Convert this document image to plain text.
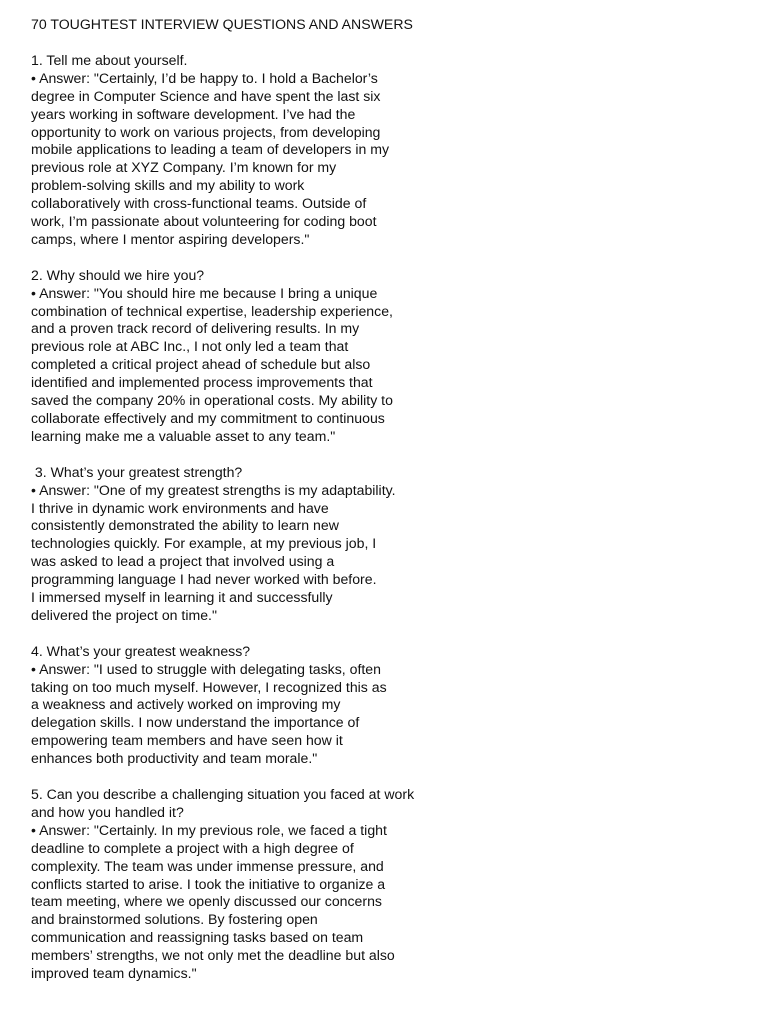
70 TOUGHTEST INTERVIEW QUESTIONS AND ANSWERS
1. Tell me about yourself.
• Answer: "Certainly, I’d be happy to. I hold a Bachelor’s
degree in Computer Science and have spent the last six
years working in software development. I’ve had the
opportunity to work on various projects, from developing
mobile applications to leading a team of developers in my
previous role at XYZ Company. I’m known for my
problem-solving skills and my ability to work
collaboratively with cross-functional teams. Outside of
work, I’m passionate about volunteering for coding boot
camps, where I mentor aspiring developers."
2. Why should we hire you?
• Answer: "You should hire me because I bring a unique
combination of technical expertise, leadership experience,
and a proven track record of delivering results. In my
previous role at ABC Inc., I not only led a team that
completed a critical project ahead of schedule but also
identified and implemented process improvements that
saved the company 20% in operational costs. My ability to
collaborate effectively and my commitment to continuous
learning make me a valuable asset to any team."
3. What’s your greatest strength?
• Answer: "One of my greatest strengths is my adaptability.
I thrive in dynamic work environments and have
consistently demonstrated the ability to learn new
technologies quickly. For example, at my previous job, I
was asked to lead a project that involved using a
programming language I had never worked with before.
I immersed myself in learning it and successfully
delivered the project on time."
4. What’s your greatest weakness?
• Answer: "I used to struggle with delegating tasks, often
taking on too much myself. However, I recognized this as
a weakness and actively worked on improving my
delegation skills. I now understand the importance of
empowering team members and have seen how it
enhances both productivity and team morale."
5. Can you describe a challenging situation you faced at work
and how you handled it?
• Answer: "Certainly. In my previous role, we faced a tight
deadline to complete a project with a high degree of
complexity. The team was under immense pressure, and
conflicts started to arise. I took the initiative to organize a
team meeting, where we openly discussed our concerns
and brainstormed solutions. By fostering open
communication and reassigning tasks based on team
members’ strengths, we not only met the deadline but also
improved team dynamics."
